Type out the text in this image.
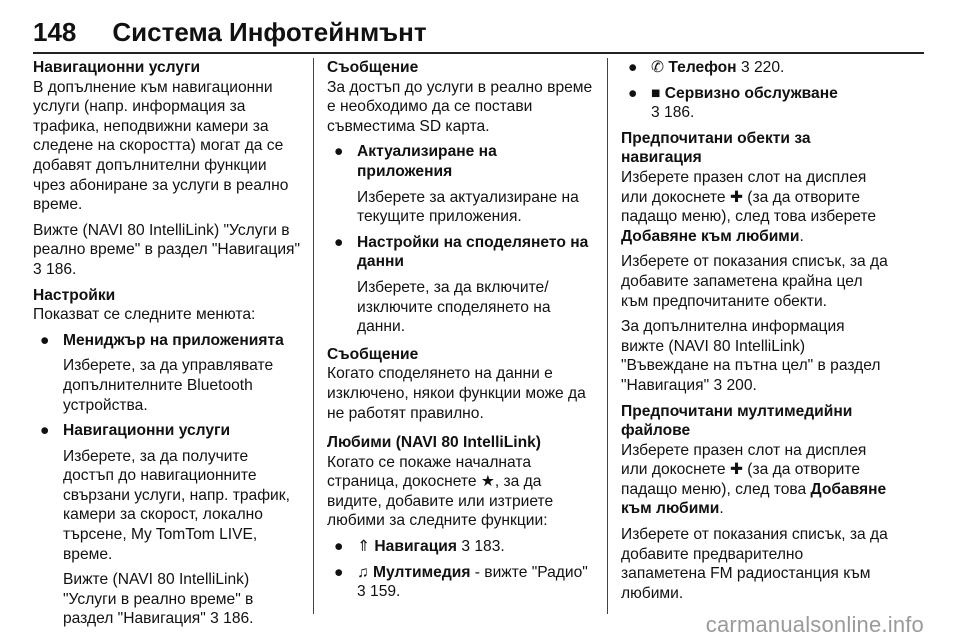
148 Система Инфотейнмънт
Навигационни услуги
В допълнение към навигационни услуги (напр. информация за трафика, неподвижни камери за следене на скоростта) могат да се добавят допълнителни функции чрез абониране за услуги в реално време.

Вижте (NAVI 80 IntelliLink) "Услуги в реално време" в раздел "Навигация" 3 186.

Настройки
Показват се следните менюта:
● Мениджър на приложенията
Изберете, за да управлявате допълнителните Bluetooth устройства.
● Навигационни услуги
Изберете, за да получите достъп до навигационните свързани услуги, напр. трафик, камери за скорост, локално търсене, My TomTom LIVE, време.
Вижте (NAVI 80 IntelliLink) "Услуги в реално време" в раздел "Навигация" 3 186.
Съобщение
За достъп до услуги в реално време е необходимо да се постави съвместима SD карта.
● Актуализиране на приложения
Изберете за актуализиране на текущите приложения.
● Настройки на споделянето на данни
Изберете, за да включите/изключите споделянето на данни.
Съобщение
Когато споделянето на данни е изключено, някои функции може да не работят правилно.
Любими (NAVI 80 IntelliLink)
Когато се покаже началната страница, докоснете ★, за да видите, добавите или изтриете любими за следните функции:
● ⇑ Навигация 3 183.
● ♫ Мултимедия - вижте "Радио" 3 159.
● ✆ Телефон 3 220.
● ■ Сервизно обслужване
3 186.
Предпочитани обекти за навигация
Изберете празен слот на дисплея или докоснете ✚ (за да отворите падащо меню), след това изберете Добавяне към любими.

Изберете от показания списък, за да добавите запаметена крайна цел към предпочитаните обекти.

За допълнителна информация вижте (NAVI 80 IntelliLink) "Въвеждане на пътна цел" в раздел "Навигация" 3 200.

Предпочитани мултимедийни файлове
Изберете празен слот на дисплея или докоснете ✚ (за да отворите падащо меню), след това Добавяне към любими.

Изберете от показания списък, за да добавите предварително запаметена FM радиостанция към любими.

carmanualsonline.info
